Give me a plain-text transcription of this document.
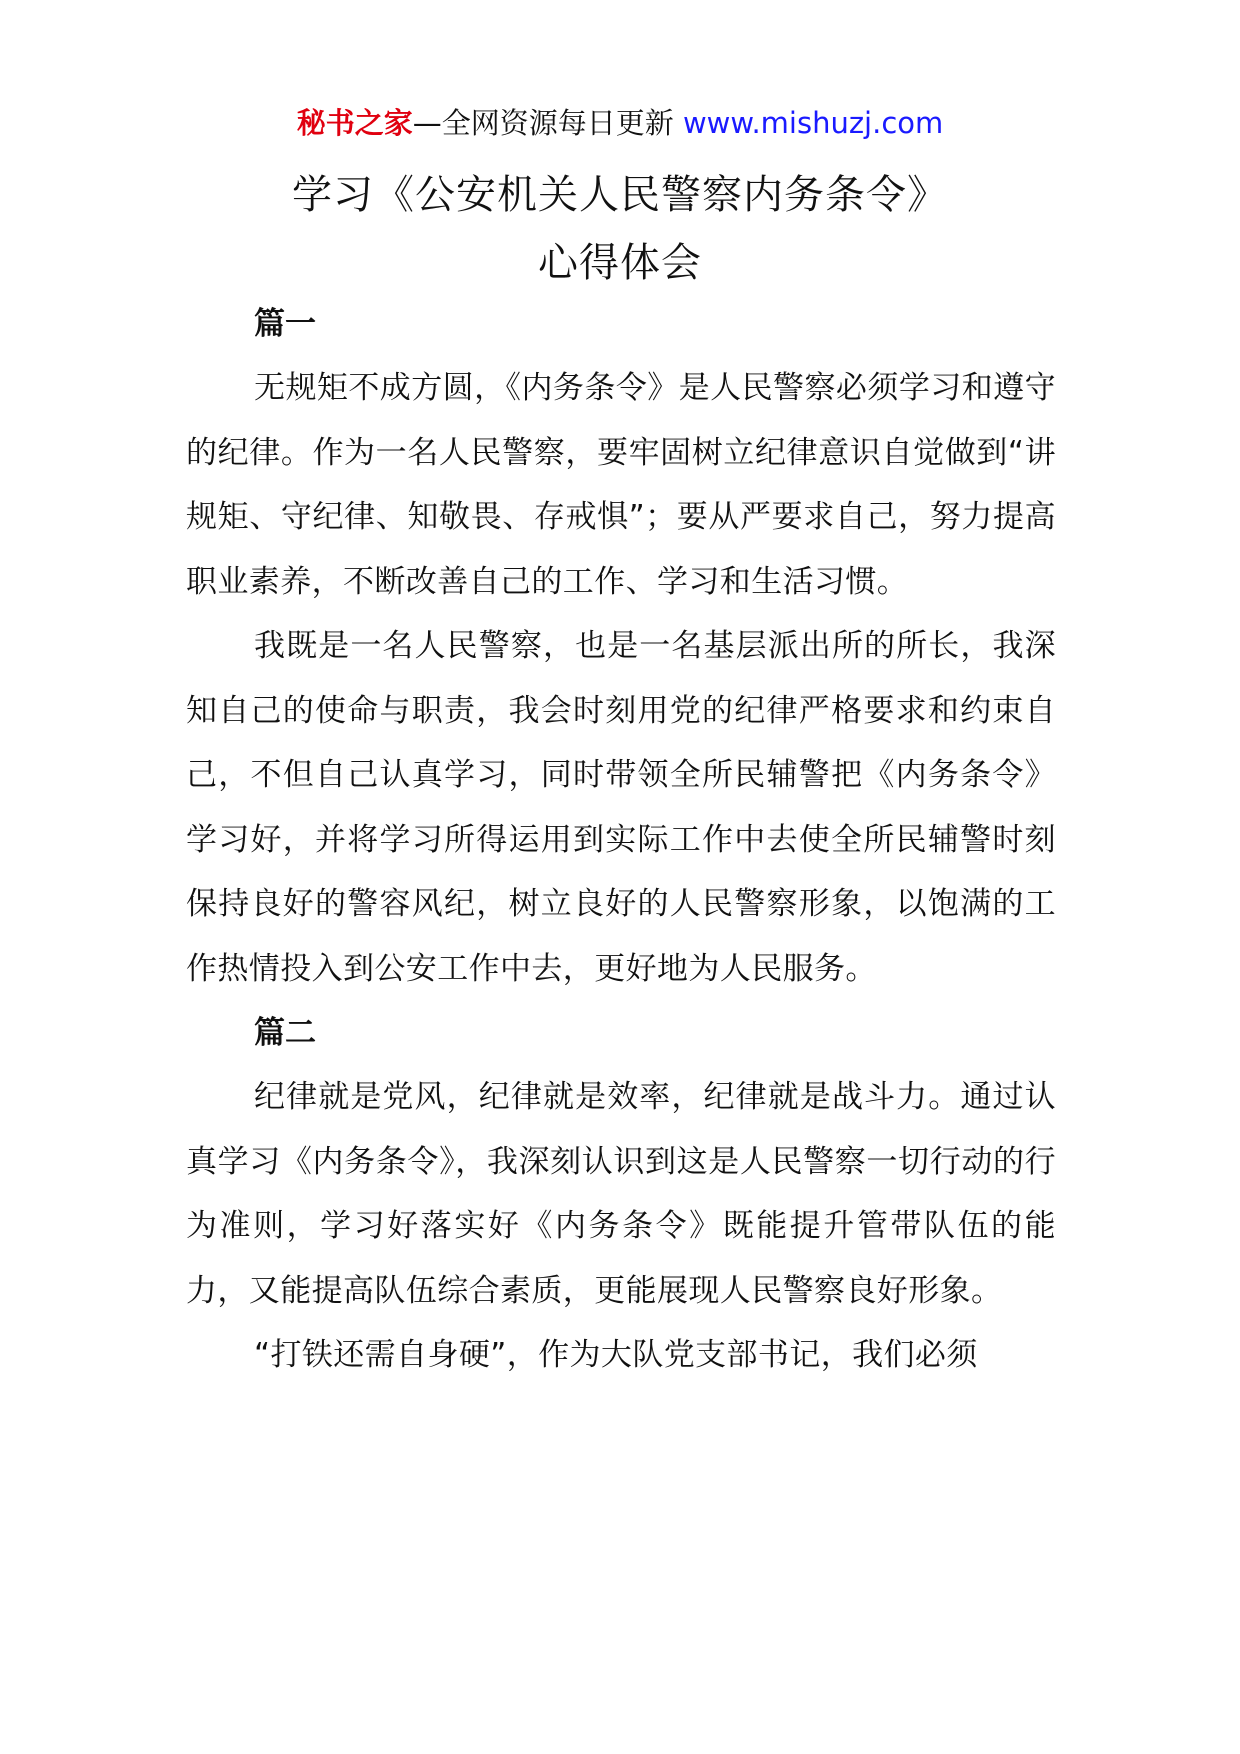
秘书之家—全网资源每日更新 www.mishuzj.com
学习《公安机关人民警察内务条令》
心得体会
篇一

无规矩不成方圆，《内务条令》是人民警察必须学习和遵守的纪律。作为一名人民警察，要牢固树立纪律意识自觉做到“讲规矩、守纪律、知敬畏、存戒惧”；要从严要求自己，努力提高职业素养，不断改善自己的工作、学习和生活习惯。

我既是一名人民警察，也是一名基层派出所的所长，我深知自己的使命与职责，我会时刻用党的纪律严格要求和约束自己，不但自己认真学习，同时带领全所民辅警把《内务条令》学习好，并将学习所得运用到实际工作中去使全所民辅警时刻保持良好的警容风纪，树立良好的人民警察形象，以饱满的工作热情投入到公安工作中去，更好地为人民服务。

篇二

纪律就是党风，纪律就是效率，纪律就是战斗力。通过认真学习《内务条令》，我深刻认识到这是人民警察一切行动的行为准则，学习好落实好《内务条令》既能提升管带队伍的能力，又能提高队伍综合素质，更能展现人民警察良好形象。

“打铁还需自身硬”，作为大队党支部书记，我们必须
